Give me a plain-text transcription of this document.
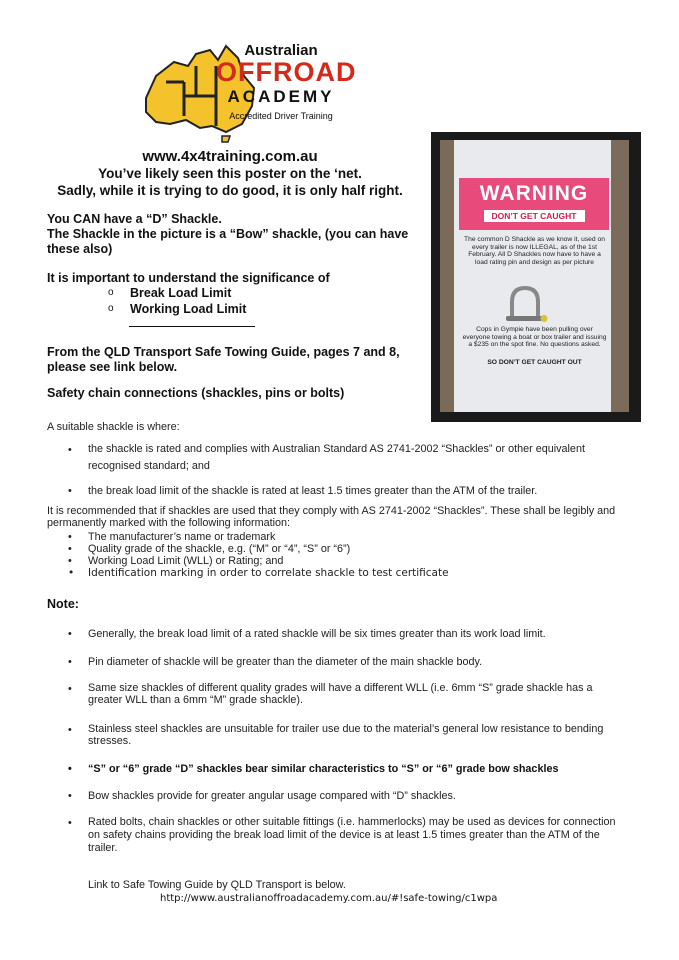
Australian
OFFROAD
ACADEMY
Accredited Driver Training
www.4x4training.com.au
You’ve likely seen this poster on the ‘net.
Sadly, while it is trying to do good, it is only half right.
You CAN have a “D” Shackle.
The Shackle in the picture is a “Bow” shackle, (you can have these also)
It is important to understand the significance of
o	Break Load Limit
o	Working Load Limit
From the QLD Transport Safe Towing Guide, pages 7 and 8, please see link below.
Safety chain connections (shackles, pins or bolts)
WARNING
DON’T GET CAUGHT
The common D Shackle as we know it, used on every trailer is now ILLEGAL, as of the 1st February. All D Shackles now have to have a load rating pin and design as per picture
Cops in Gympie have been pulling over everyone towing a boat or box trailer and issuing a $235 on the spot fine. No questions asked.
SO DON’T GET CAUGHT OUT
A suitable shackle is where:
• the shackle is rated and complies with Australian Standard AS 2741-2002 “Shackles” or other equivalent recognised standard; and
• the break load limit of the shackle is rated at least 1.5 times greater than the ATM of the trailer.
It is recommended that if shackles are used that they comply with AS 2741-2002 “Shackles”. These shall be legibly and permanently marked with the following information:
• The manufacturer’s name or trademark
• Quality grade of the shackle, e.g. (“M” or “4”, “S” or “6”)
• Working Load Limit (WLL) or Rating; and
• Identification marking in order to correlate shackle to test certificate
Note:
• Generally, the break load limit of a rated shackle will be six times greater than its work load limit.
• Pin diameter of shackle will be greater than the diameter of the main shackle body.
• Same size shackles of different quality grades will have a different WLL (i.e. 6mm “S” grade shackle has a greater WLL than a 6mm “M” grade shackle).
• Stainless steel shackles are unsuitable for trailer use due to the material’s general low resistance to bending stresses.
• “S” or “6” grade “D” shackles bear similar characteristics to “S” or “6” grade bow shackles
• Bow shackles provide for greater angular usage compared with “D” shackles.
• Rated bolts, chain shackles or other suitable fittings (i.e. hammerlocks) may be used as devices for connection on safety chains providing the break load limit of the device is at least 1.5 times greater than the ATM of the trailer.
Link to Safe Towing Guide by QLD Transport is below.
http://www.australianoffroadacademy.com.au/#!safe-towing/c1wpa
